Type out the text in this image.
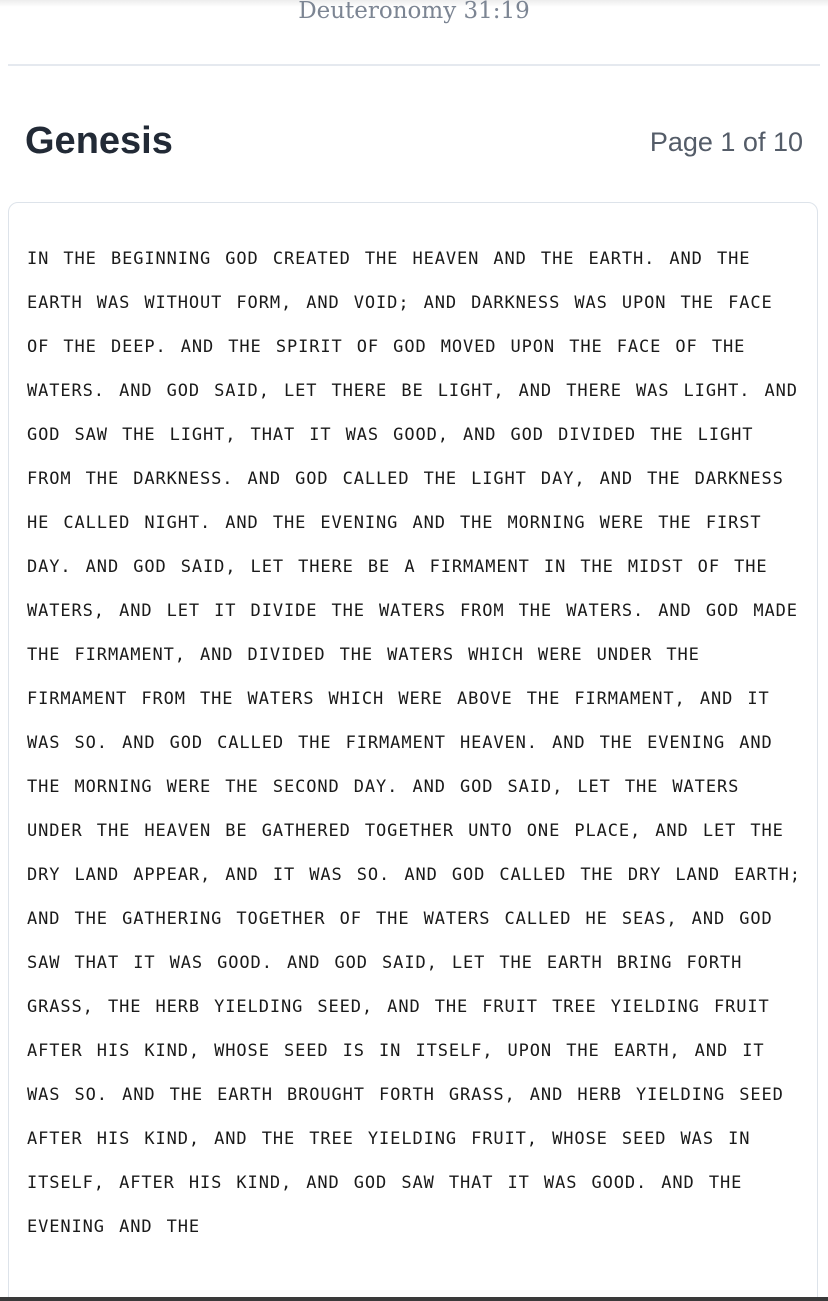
Deuteronomy 31:19
Genesis	Page 1 of 10

IN THE BEGINNING GOD CREATED THE HEAVEN AND THE EARTH. AND THE EARTH WAS WITHOUT FORM, AND VOID; AND DARKNESS WAS UPON THE FACE OF THE DEEP. AND THE SPIRIT OF GOD MOVED UPON THE FACE OF THE WATERS. AND GOD SAID, LET THERE BE LIGHT, AND THERE WAS LIGHT. AND GOD SAW THE LIGHT, THAT IT WAS GOOD, AND GOD DIVIDED THE LIGHT FROM THE DARKNESS. AND GOD CALLED THE LIGHT DAY, AND THE DARKNESS HE CALLED NIGHT. AND THE EVENING AND THE MORNING WERE THE FIRST DAY. AND GOD SAID, LET THERE BE A FIRMAMENT IN THE MIDST OF THE WATERS, AND LET IT DIVIDE THE WATERS FROM THE WATERS. AND GOD MADE THE FIRMAMENT, AND DIVIDED THE WATERS WHICH WERE UNDER THE FIRMAMENT FROM THE WATERS WHICH WERE ABOVE THE FIRMAMENT, AND IT WAS SO. AND GOD CALLED THE FIRMAMENT HEAVEN. AND THE EVENING AND THE MORNING WERE THE SECOND DAY. AND GOD SAID, LET THE WATERS UNDER THE HEAVEN BE GATHERED TOGETHER UNTO ONE PLACE, AND LET THE DRY LAND APPEAR, AND IT WAS SO. AND GOD CALLED THE DRY LAND EARTH; AND THE GATHERING TOGETHER OF THE WATERS CALLED HE SEAS, AND GOD SAW THAT IT WAS GOOD. AND GOD SAID, LET THE EARTH BRING FORTH GRASS, THE HERB YIELDING SEED, AND THE FRUIT TREE YIELDING FRUIT AFTER HIS KIND, WHOSE SEED IS IN ITSELF, UPON THE EARTH, AND IT WAS SO. AND THE EARTH BROUGHT FORTH GRASS, AND HERB YIELDING SEED AFTER HIS KIND, AND THE TREE YIELDING FRUIT, WHOSE SEED WAS IN ITSELF, AFTER HIS KIND, AND GOD SAW THAT IT WAS GOOD. AND THE EVENING AND THE
